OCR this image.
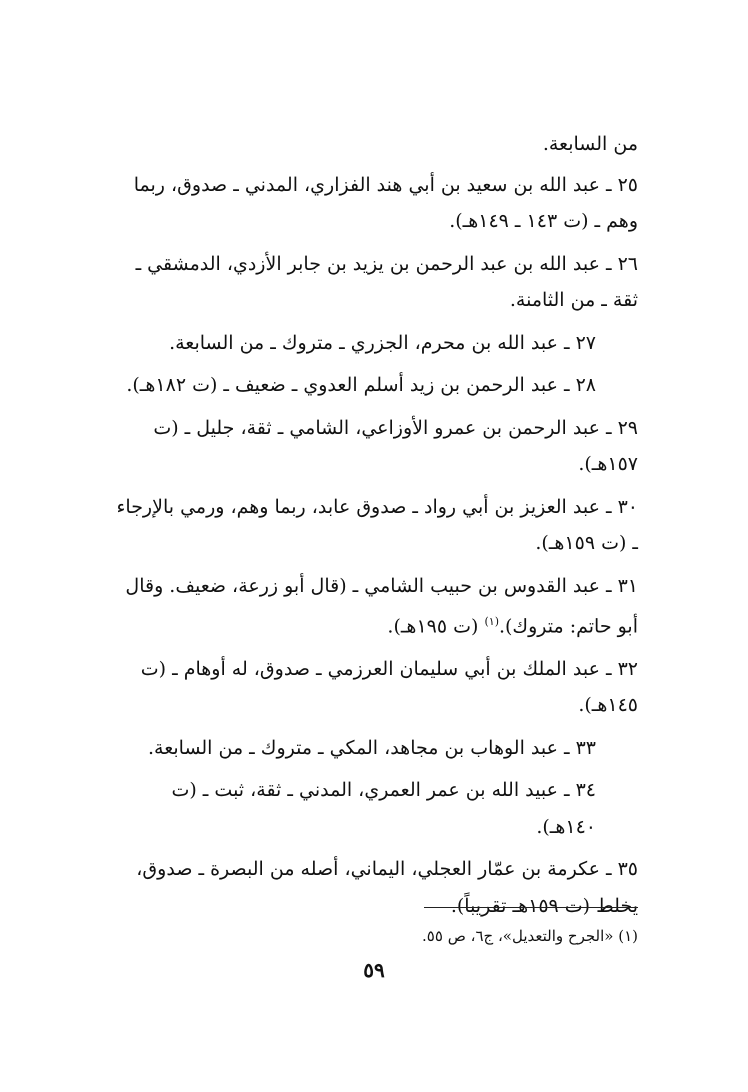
من السابعة.

٢٥ ـ عبد الله بن سعيد بن أبي هند الفزاري، المدني ـ صدوق، ربما وهم ـ (ت ١٤٣ ـ ١٤٩هـ).

٢٦ ـ عبد الله بن عبد الرحمن بن يزيد بن جابر الأزدي، الدمشقي ـ ثقة ـ من الثامنة.

٢٧ ـ عبد الله بن محرم، الجزري ـ متروك ـ من السابعة.

٢٨ ـ عبد الرحمن بن زيد أسلم العدوي ـ ضعيف ـ (ت ١٨٢هـ).

٢٩ ـ عبد الرحمن بن عمرو الأوزاعي، الشامي ـ ثقة، جليل ـ (ت ١٥٧هـ).

٣٠ ـ عبد العزيز بن أبي رواد ـ صدوق عابد، ربما وهم، ورمي بالإرجاء ـ (ت ١٥٩هـ).

٣١ ـ عبد القدوس بن حبيب الشامي ـ (قال أبو زرعة، ضعيف. وقال أبو حاتم: متروك).$^{(١)}$ (ت ١٩٥هـ).

٣٢ ـ عبد الملك بن أبي سليمان العرزمي ـ صدوق، له أوهام ـ (ت ١٤٥هـ).

٣٣ ـ عبد الوهاب بن مجاهد، المكي ـ متروك ـ من السابعة.

٣٤ ـ عبيد الله بن عمر العمري، المدني ـ ثقة، ثبت ـ (ت ١٤٠هـ).

٣٥ ـ عكرمة بن عمّار العجلي، اليماني، أصله من البصرة ـ صدوق، يخلط (ت ١٥٩هـ تقريباً).

(١) «الجرح والتعديل»، ج٦، ص ٥٥.
٥٩
